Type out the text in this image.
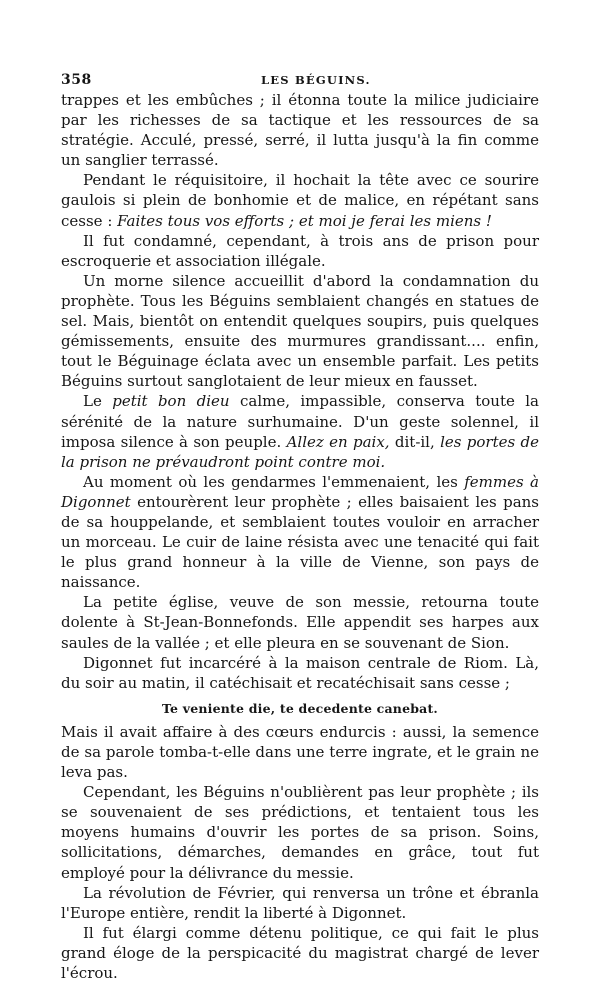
358	LES BÉGUINS.

trappes et les embûches ; il étonna toute la milice judiciaire par les richesses de sa tactique et les ressources de sa stratégie. Acculé, pressé, serré, il lutta jusqu'à la fin comme un sanglier terrassé.

Pendant le réquisitoire, il hochait la tête avec ce sourire gaulois si plein de bonhomie et de malice, en répétant sans cesse : Faites tous vos efforts ; et moi je ferai les miens !

Il fut condamné, cependant, à trois ans de prison pour escroquerie et association illégale.

Un morne silence accueillit d'abord la condamnation du prophète. Tous les Béguins semblaient changés en statues de sel. Mais, bientôt on entendit quelques soupirs, puis quelques gémissements, ensuite des murmures grandissant.... enfin, tout le Béguinage éclata avec un ensemble parfait. Les petits Béguins surtout sanglotaient de leur mieux en fausset.

Le petit bon dieu calme, impassible, conserva toute la sérénité de la nature surhumaine. D'un geste solennel, il imposa silence à son peuple. Allez en paix, dit-il, les portes de la prison ne prévaudront point contre moi.

Au moment où les gendarmes l'emmenaient, les femmes à Digonnet entourèrent leur prophète ; elles baisaient les pans de sa houppelande, et semblaient toutes vouloir en arracher un morceau. Le cuir de laine résista avec une tenacité qui fait le plus grand honneur à la ville de Vienne, son pays de naissance.

La petite église, veuve de son messie, retourna toute dolente à St-Jean-Bonnefonds. Elle appendit ses harpes aux saules de la vallée ; et elle pleura en se souvenant de Sion.

Digonnet fut incarcéré à la maison centrale de Riom. Là, du soir au matin, il catéchisait et recatéchisait sans cesse ;

Te veniente die, te decedente canebat.

Mais il avait affaire à des cœurs endurcis : aussi, la semence de sa parole tomba-t-elle dans une terre ingrate, et le grain ne leva pas.

Cependant, les Béguins n'oublièrent pas leur prophète ; ils se souvenaient de ses prédictions, et tentaient tous les moyens humains d'ouvrir les portes de sa prison. Soins, sollicitations, démarches, demandes en grâce, tout fut employé pour la délivrance du messie.

La révolution de Février, qui renversa un trône et ébranla l'Europe entière, rendit la liberté à Digonnet.

Il fut élargi comme détenu politique, ce qui fait le plus grand éloge de la perspicacité du magistrat chargé de lever l'écrou.
